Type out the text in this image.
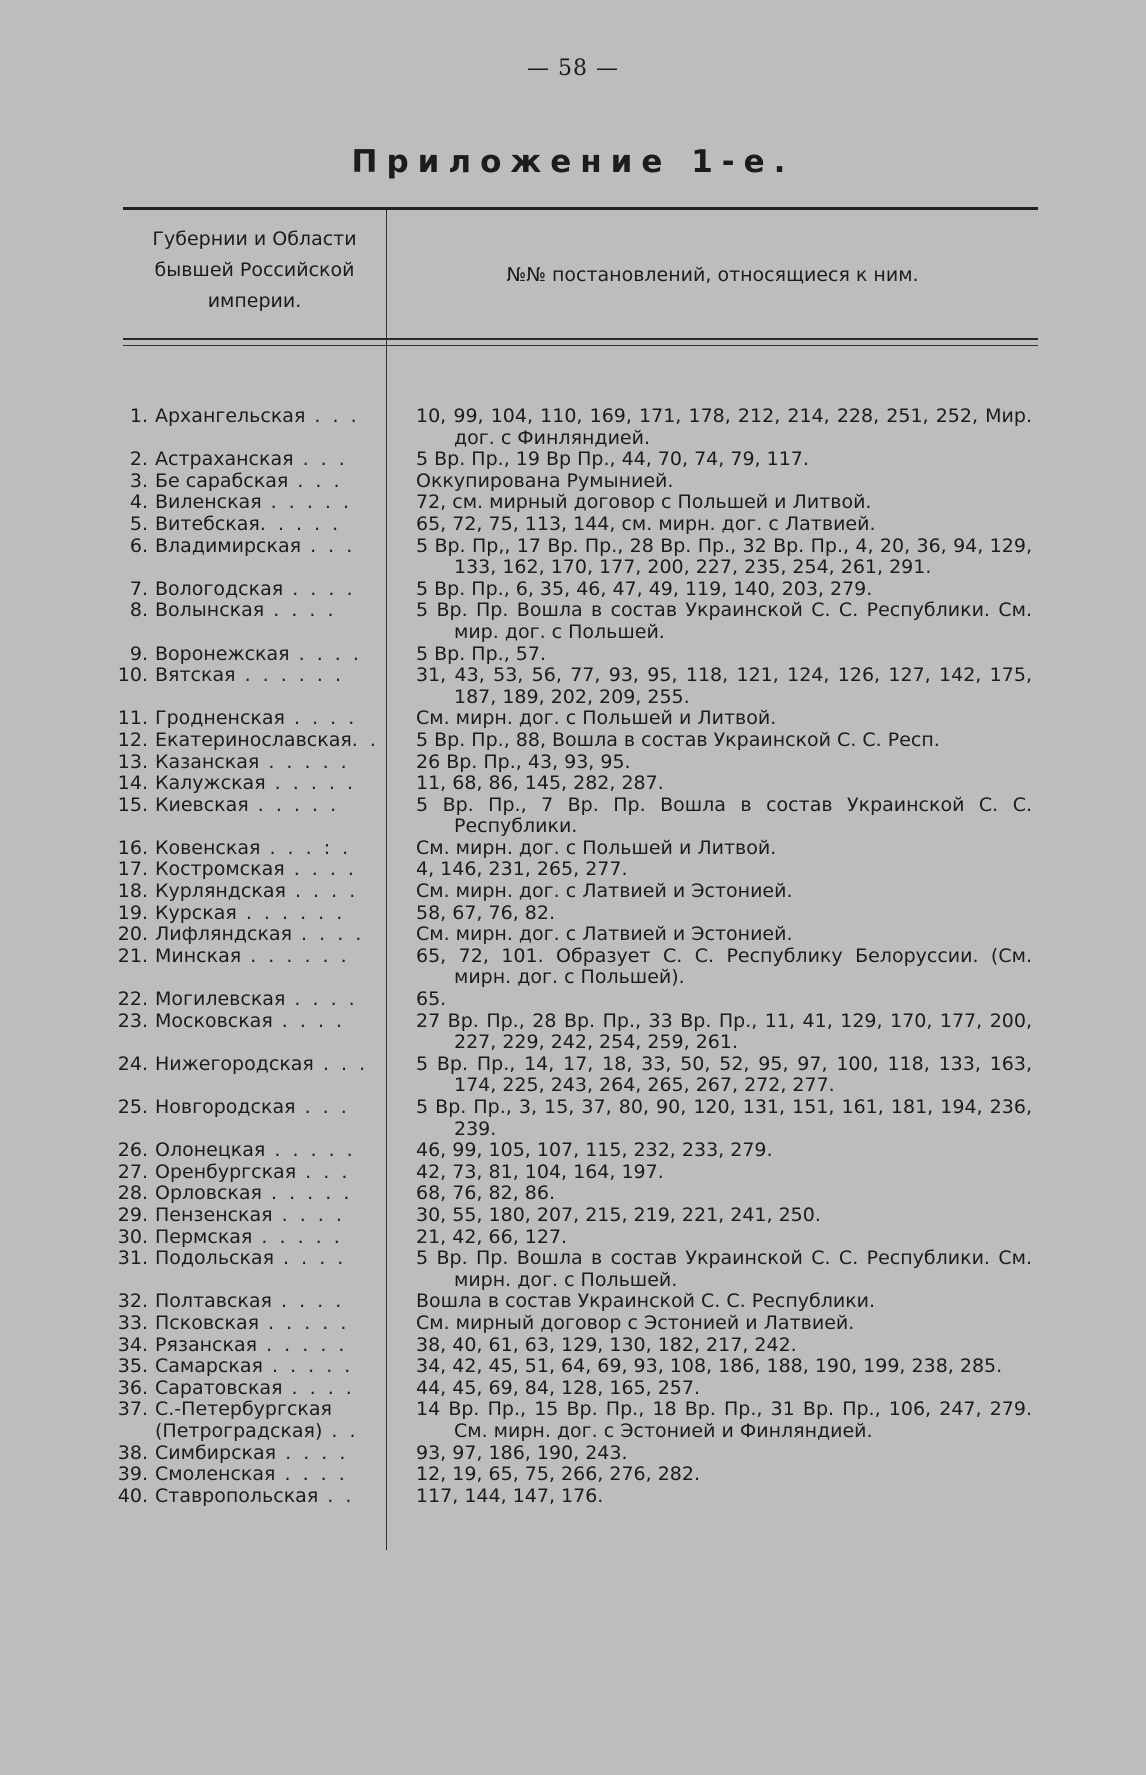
— 58 —
Приложение 1-е.
Губернии и Области
бывшей Российской
империи.
№№ постановлений, относящиеся к ним.
1. Архангельская . . .	10, 99, 104, 110, 169, 171, 178, 212, 214, 228, 251, 252, Мир. дог. с Финляндией.
2. Астраханская . . .	5 Вр. Пр., 19 Вр Пр., 44, 70, 74, 79, 117.
3. Бе сарабская . . .	Оккупирована Румынией.
4. Виленская . . . . .	72, см. мирный договор с Польшей и Литвой.
5. Витебская. . . . .	65, 72, 75, 113, 144, см. мирн. дог. с Латвией.
6. Владимирская . . .	5 Вр. Пр,, 17 Вр. Пр., 28 Вр. Пр., 32 Вр. Пр., 4, 20, 36, 94, 129, 133, 162, 170, 177, 200, 227, 235, 254, 261, 291.
7. Вологодская . . . .	5 Вр. Пр., 6, 35, 46, 47, 49, 119, 140, 203, 279.
8. Волынская . . . .	5 Вр. Пр. Вошла в состав Украинской С. С. Республики. См. мир. дог. с Польшей.
9. Воронежская . . . .	5 Вр. Пр., 57.
10. Вятская . . . . . .	31, 43, 53, 56, 77, 93, 95, 118, 121, 124, 126, 127, 142, 175, 187, 189, 202, 209, 255.
11. Гродненская . . . .	См. мирн. дог. с Польшей и Литвой.
12. Екатеринославская. . 5 Вр. Пр., 88, Вошла в состав Украинской С. С. Респ.
13. Казанская . . . . .	26 Вр. Пр., 43, 93, 95.
14. Калужская . . . . .	11, 68, 86, 145, 282, 287.
15. Киевская . . . . .	5 Вр. Пр., 7 Вр. Пр. Вошла в состав Украинской С. С. Республики.
16. Ковенская . . . : .	См. мирн. дог. с Польшей и Литвой.
17. Костромская . . . .	4, 146, 231, 265, 277.
18. Курляндская . . . .	См. мирн. дог. с Латвией и Эстонией.
19. Курская . . . . . .	58, 67, 76, 82.
20. Лифляндская . . . .	См. мирн. дог. с Латвией и Эстонией.
21. Минская . . . . . .	65, 72, 101. Образует С. С. Республику Белоруссии. (См. мирн. дог. с Польшей).
22. Могилевская . . . .	65.
23. Московская . . . .	27 Вр. Пр., 28 Вр. Пр., 33 Вр. Пр., 11, 41, 129, 170, 177, 200, 227, 229, 242, 254, 259, 261.
24. Нижегородская . . .	5 Вр. Пр., 14, 17, 18, 33, 50, 52, 95, 97, 100, 118, 133, 163, 174, 225, 243, 264, 265, 267, 272, 277.
25. Новгородская . . .	5 Вр. Пр., 3, 15, 37, 80, 90, 120, 131, 151, 161, 181, 194, 236, 239.
26. Олонецкая . . . . .	46, 99, 105, 107, 115, 232, 233, 279.
27. Оренбургская . . .	42, 73, 81, 104, 164, 197.
28. Орловская . . . . .	68, 76, 82, 86.
29. Пензенская . . . .	30, 55, 180, 207, 215, 219, 221, 241, 250.
30. Пермская . . . . .	21, 42, 66, 127.
31. Подольская . . . .	5 Вр. Пр. Вошла в состав Украинской С. С. Республики. См. мирн. дог. с Польшей.
32. Полтавская . . . .	Вошла в состав Украинской С. С. Республики.
33. Псковская . . . . .	См. мирный договор с Эстонией и Латвией.
34. Рязанская . . . . .	38, 40, 61, 63, 129, 130, 182, 217, 242.
35. Самарская . . . . .	34, 42, 45, 51, 64, 69, 93, 108, 186, 188, 190, 199, 238, 285.
36. Саратовская . . . .	44, 45, 69, 84, 128, 165, 257.
37. С.-Петербургская (Петроградская) . .
14 Вр. Пр., 15 Вр. Пр., 18 Вр. Пр., 31 Вр. Пр., 106, 247, 279. См. мирн. дог. с Эстонией и Финляндией.
38. Симбирская . . . .	93, 97, 186, 190, 243.
39. Смоленская . . . .	12, 19, 65, 75, 266, 276, 282.
40. Ставропольская . .	117, 144, 147, 176.
